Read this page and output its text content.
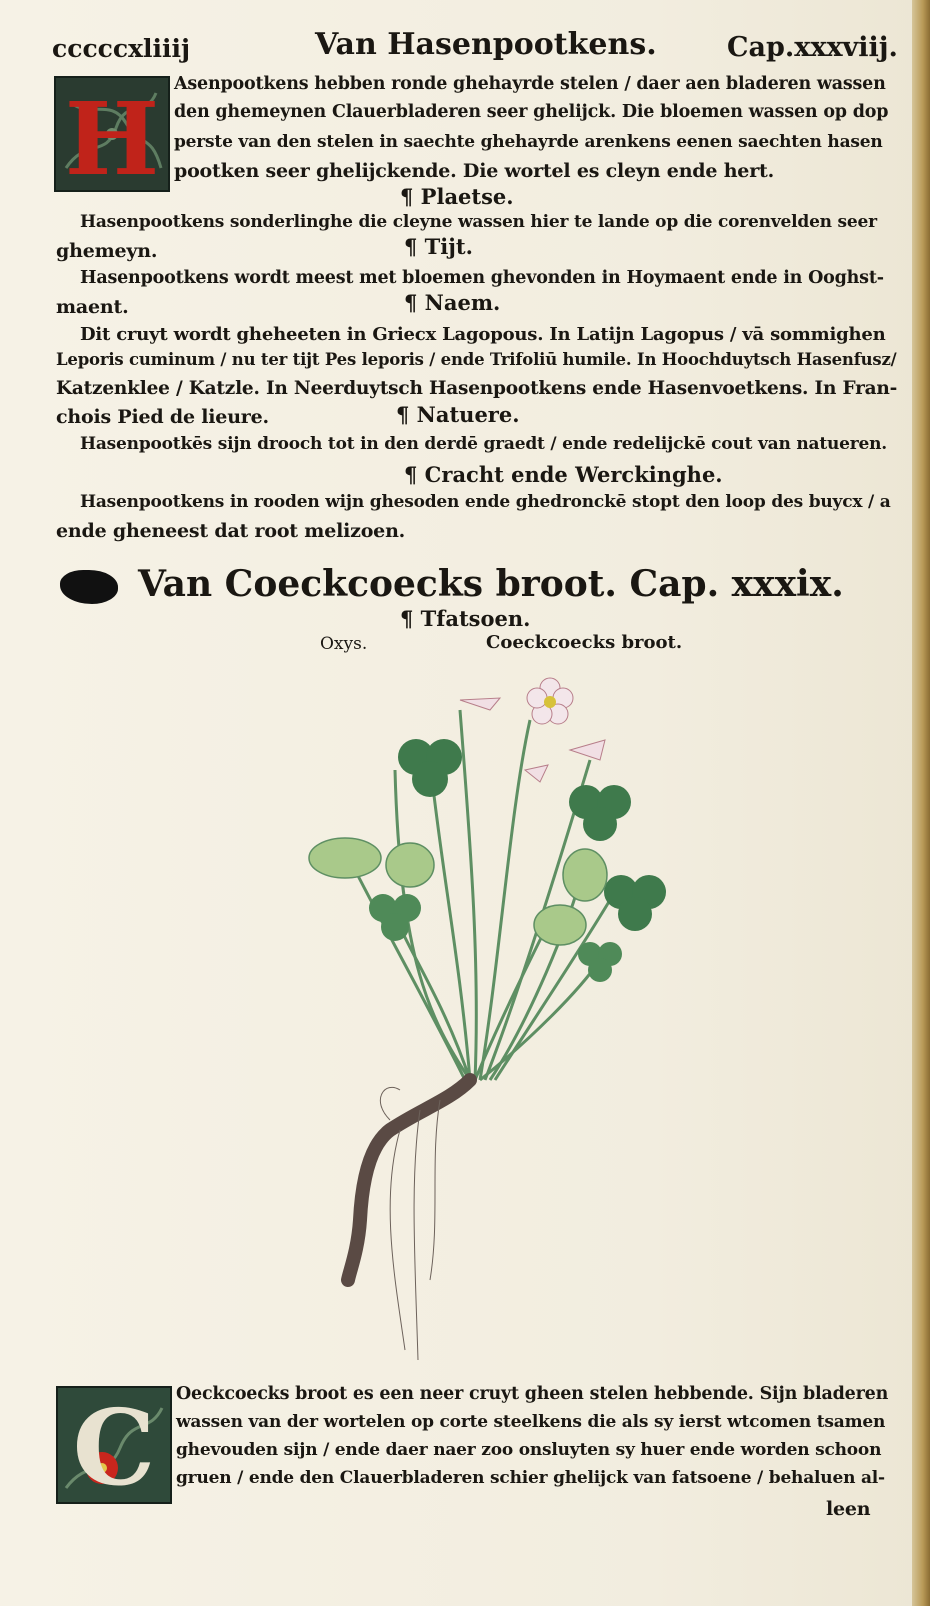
cccccxliiij	Van Hasenpootkens.	Cap.xxxviij.
H Asenpootkens hebben ronde ghehayrde stelen / daer aen bladeren wassen
den ghemeynen Clauerbladeren seer ghelijck. Die bloemen wassen op dop
perste van den stelen in saechte ghehayrde arenkens eenen saechten hasen
pootken seer ghelijckende. Die wortel es cleyn ende hert.
¶ Plaetse.
Hasenpootkens sonderlinghe die cleyne wassen hier te lande op die corenvelden seer
ghemeyn.	¶ Tijt.
Hasenpootkens wordt meest met bloemen ghevonden in Hoymaent ende in Ooghst-
maent.	¶ Naem.
Dit cruyt wordt gheheeten in Griecx Lagopous. In Latijn Lagopus / vā sommighen
Leporis cuminum / nu ter tijt Pes leporis / ende Trifoliū humile. In Hoochduytsch Hasenfusz/
Katzenklee / Katzle. In Neerduytsch Hasenpootkens ende Hasenvoetkens. In Fran-
chois Pied de lieure.	¶ Natuere.
Hasenpootkēs sijn drooch tot in den derdē graedt / ende redelijckē cout van natueren.
¶ Cracht ende Werckinghe.
Hasenpootkens in rooden wijn ghesoden ende ghedronckē stopt den loop des buycx / a
ende gheneest dat root melizoen.
Van Coeckcoecks broot. Cap. xxxix.
¶ Tfatsoen.
Oxys.	Coeckcoecks broot.
C	Oeckcoecks broot es een neer cruyt gheen stelen hebbende. Sijn bladeren
wassen van der wortelen op corte steelkens die als sy ierst wtcomen tsamen
ghevouden sijn / ende daer naer zoo onsluyten sy huer ende worden schoon
gruen / ende den Clauerbladeren schier ghelijck van fatsoene / behaluen al-
leen
